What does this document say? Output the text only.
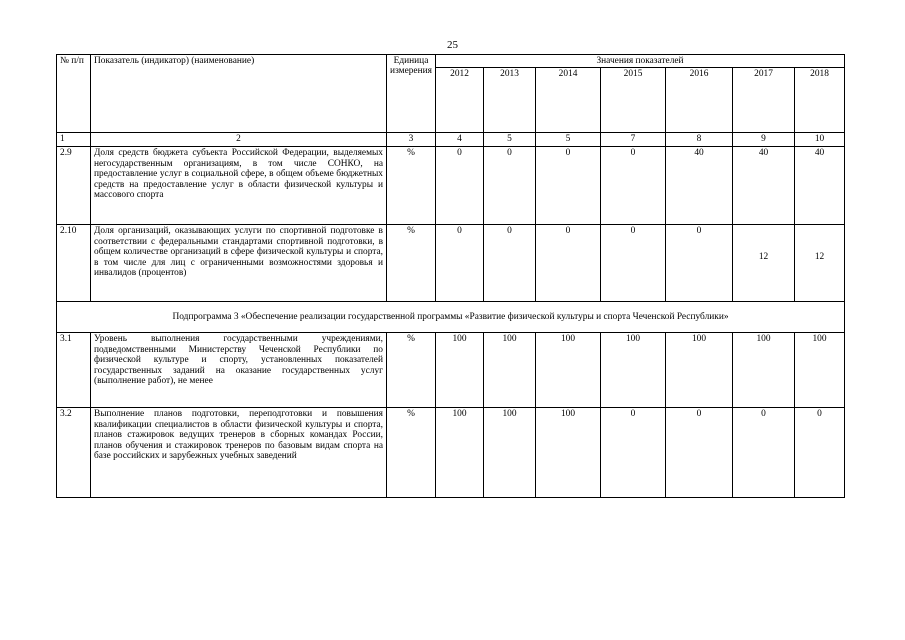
25
№ п/п	Показатель (индикатор) (наименование)	Единица измерения	Значения показателей						
			2012	2013	2014	2015	2016	2017	2018
1	2	3	4	5	5	7	8	9	10
2.9	Доля средств бюджета субъекта Российской Федерации, выделяемых негосударственным организациям, в том числе СОНКО, на предоставление услуг в социальной сфере, в общем объеме бюджетных средств на предоставление услуг в области физической культуры и массового спорта	%	0	0	0	0	40	40	40
2.10	Доля организаций, оказывающих услуги по спортивной подготовке в соответствии с федеральными стандартами спортивной подготовки, в общем количестве организаций в сфере физической культуры и спорта, в том числе для лиц с ограниченными возможностями здоровья и инвалидов (процентов)	%	0	0	0	0	0	12	12

Подпрограмма 3 «Обеспечение реализации государственной программы «Развитие физической культуры и спорта Чеченской Республики»									
3.1	Уровень выполнения государственными учреждениями, подведомственными Министерству Чеченской Республики по физической культуре и спорту, установленных показателей государственных заданий на оказание государственных услуг (выполнение работ), не менее	%	100	100	100	100	100	100	100
3.2	Выполнение планов подготовки, переподготовки и повышения квалификации специалистов в области физической культуры и спорта, планов стажировок ведущих тренеров в сборных командах России, планов обучения и стажировок тренеров по базовым видам спорта на базе российских и зарубежных учебных заведений	%	100	100	100	0	0	0	0
